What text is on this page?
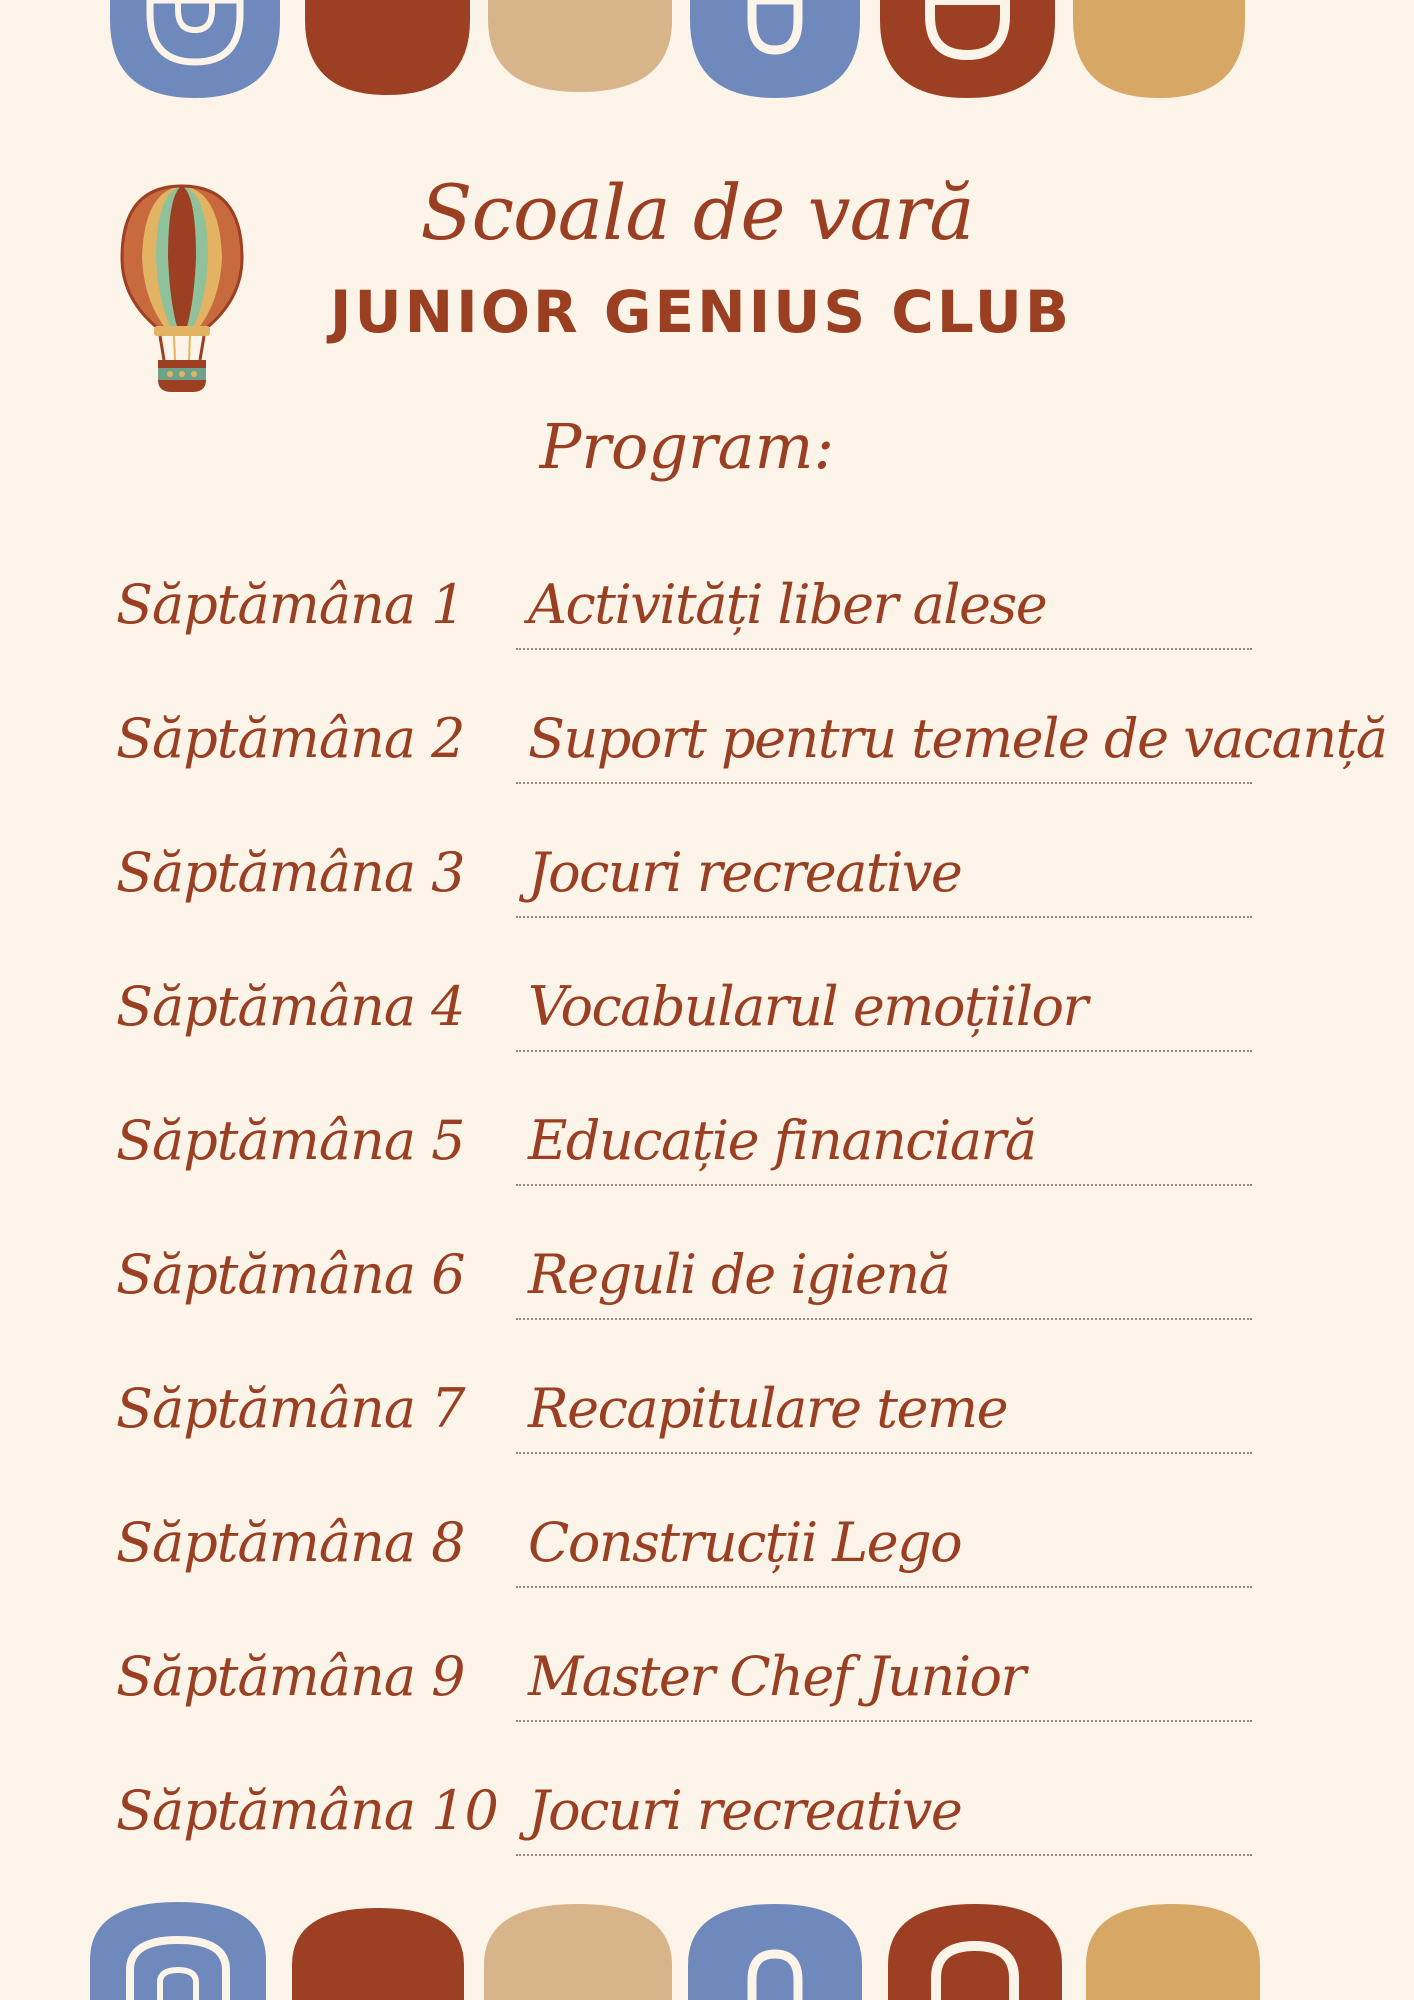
Scoala de vară
JUNIOR GENIUS CLUB
Program:
Săptămâna 1 Activități liber alese
Săptămâna 2 Suport pentru temele de vacanță
Săptămâna 3 Jocuri recreative
Săptămâna 4 Vocabularul emoțiilor
Săptămâna 5 Educație financiară
Săptămâna 6 Reguli de igienă
Săptămâna 7 Recapitulare teme
Săptămâna 8 Construcții Lego
Săptămâna 9 Master Chef Junior
Săptămâna 10 Jocuri recreative
